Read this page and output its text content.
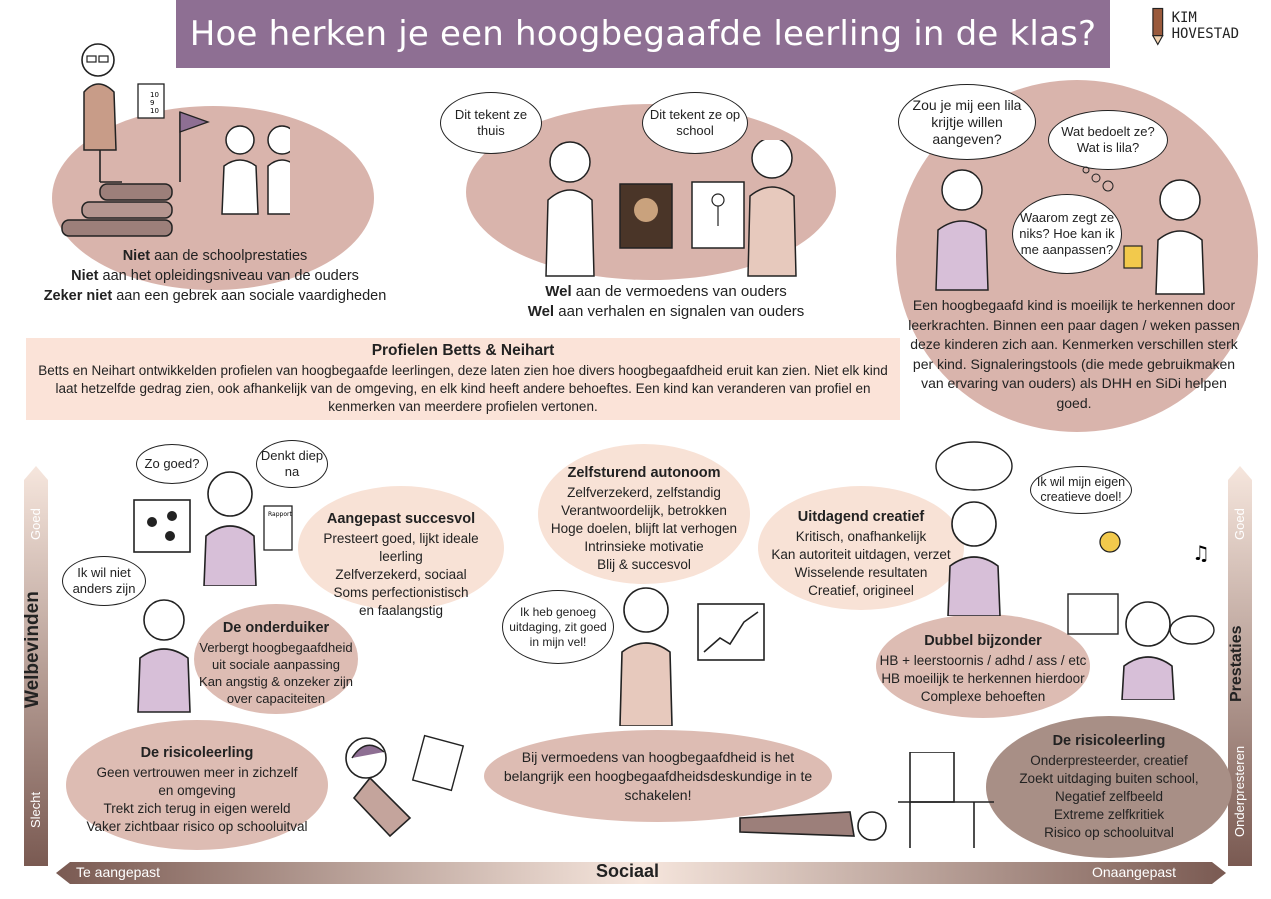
Hoe herken je een hoogbegaafde leerling in de klas?	KIM HOVESTAD
10
9
10
Niet aan de schoolprestaties
Niet aan het opleidingsniveau van de ouders
Zeker niet aan een gebrek aan sociale vaardigheden
Dit tekent ze thuis
Dit tekent ze op school
Wel aan de vermoedens van ouders
Wel aan verhalen en signalen van ouders
Zou je mij een lila krijtje willen aangeven?	Wat bedoelt ze? Wat is lila?
Waarom zegt ze niks? Hoe kan ik me aanpassen?
Een hoogbegaafd kind is moeilijk te herkennen door leerkrachten. Binnen een paar dagen / weken passen deze kinderen zich aan. Kenmerken verschillen sterk per kind. Signaleringstools (die mede gebruikmaken van ervaring van ouders) als DHH en SiDi helpen goed.
Profielen Betts & Neihart

Betts en Neihart ontwikkelden profielen van hoogbegaafde leerlingen, deze laten zien hoe divers hoogbegaafdheid eruit kan zien. Niet elk kind laat hetzelfde gedrag zien, ook afhankelijk van de omgeving, en elk kind heeft andere behoeftes. Een kind kan veranderen van profiel en kenmerken van meerdere profielen vertonen.

Goed
Welbevinden
Slecht
Goed
Prestaties
Onderpresteren
Te aangepast	Sociaal	Onaangepast
Aangepast succesvol
Presteert goed, lijkt ideale leerling
Zelfverzekerd, sociaal
Soms perfectionistisch
en faalangstig
Zelfsturend autonoom
Zelfverzekerd, zelfstandig
Verantwoordelijk, betrokken
Hoge doelen, blijft lat verhogen
Intrinsieke motivatie
Blij & succesvol
Uitdagend creatief
Kritisch, onafhankelijk
Kan autoriteit uitdagen, verzet
Wisselende resultaten
Creatief, origineel
De onderduiker
Verbergt hoogbegaafdheid
uit sociale aanpassing
Kan angstig & onzeker zijn
over capaciteiten
Dubbel bijzonder
HB + leerstoornis / adhd / ass / etc
HB moeilijk te herkennen hierdoor
Complexe behoeften
Bij vermoedens van hoogbegaafdheid is het belangrijk een hoogbegaafdheidsdeskundige in te schakelen!
De risicoleerling
Geen vertrouwen meer in zichzelf
en omgeving
Trekt zich terug in eigen wereld
Vaker zichtbaar risico op schooluitval
De risicoleerling
Onderpresteerder, creatief
Zoekt uitdaging buiten school,
Negatief zelfbeeld
Extreme zelfkritiek
Risico op schooluitval
Zo goed?
Denkt diep na
Ik wil niet anders zijn
Ik heb genoeg uitdaging, zit goed in mijn vel!
Ik wil mijn eigen creatieve doel!
Rapport
♫
